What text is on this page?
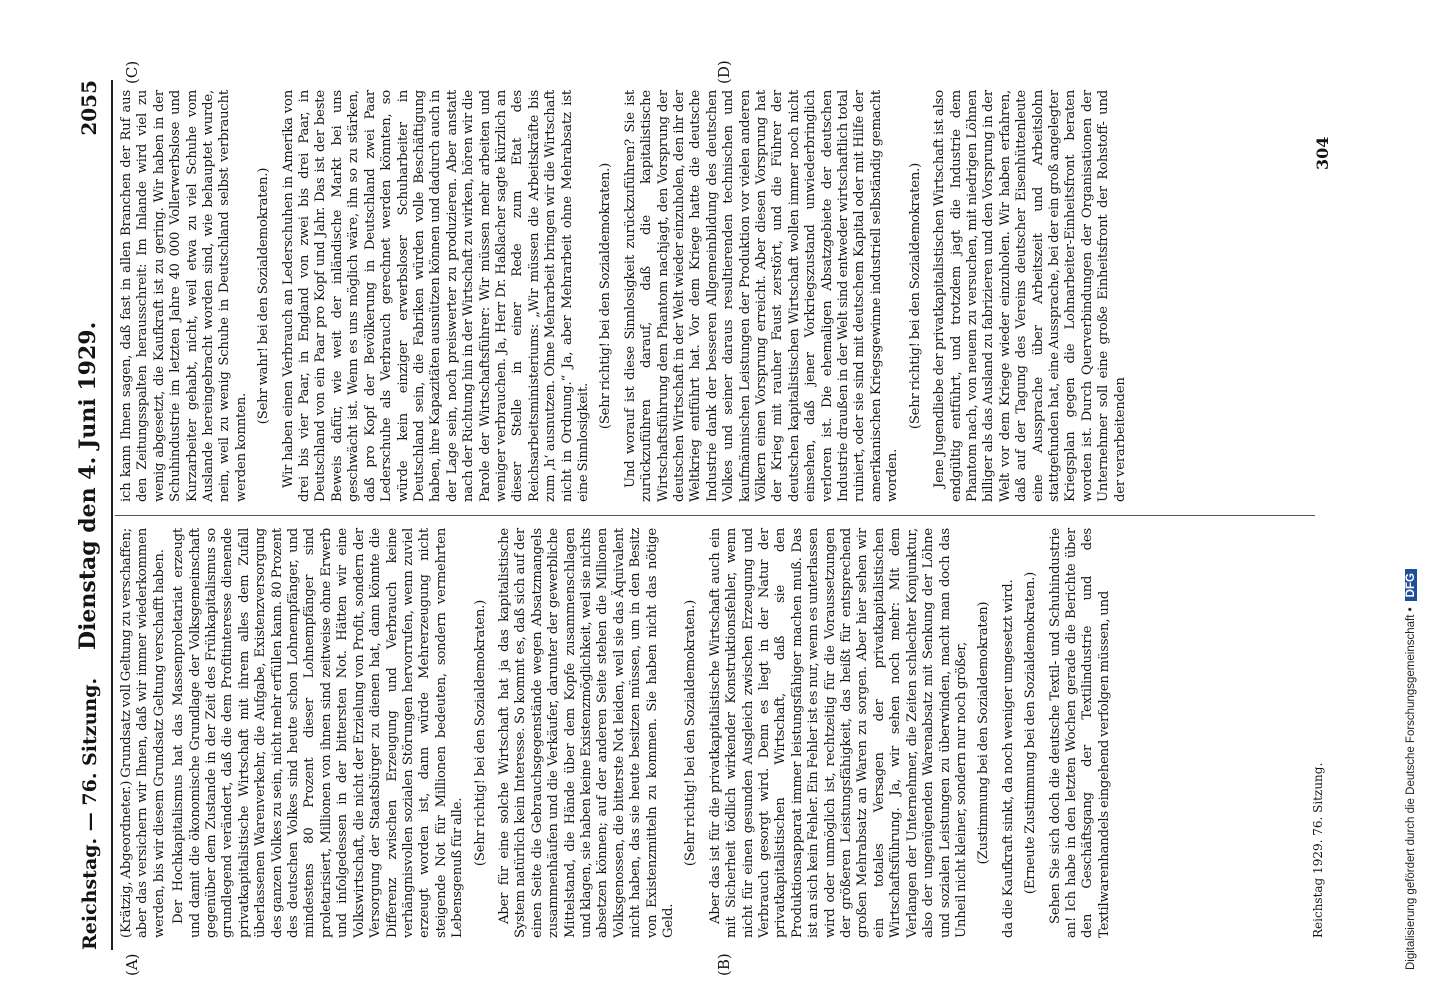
Reichstag. — 76. Sitzung.
Dienstag den 4. Juni 1929.
2055
(A)	(B)
(C)	(D)

(Krätzig, Abgeordneter.) Grundsatz voll Geltung zu verschaffen; aber das versichern wir Ihnen, daß wir immer wiederkommen werden, bis wir diesem Grundsatz Geltung verschafft haben. Der Hochkapitalismus hat das Massenproletariat erzeugt und damit die ökonomische Grundlage der Volksgemeinschaft gegenüber dem Zustande in der Zeit des Frühkapitalismus so grundlegend verändert, daß die dem Profitinteresse dienende privatkapitalistische Wirtschaft mit ihrem alles dem Zufall überlassenen Warenverkehr, die Aufgabe, Existenzversorgung des ganzen Volkes zu sein, nicht mehr erfüllen kann. 80 Prozent des deutschen Volkes sind heute schon Lohnempfänger, und mindestens 80 Prozent dieser Lohnempfänger sind proletarisiert, Millionen von ihnen sind zeitweise ohne Erwerb und infolgedessen in der bittersten Not. Hätten wir eine Volkswirtschaft, die nicht der Erzielung von Profit, sondern der Versorgung der Staatsbürger zu dienen hat, dann könnte die Differenz zwischen Erzeugung und Verbrauch keine verhängnisvollen sozialen Störungen hervorrufen, wenn zuviel erzeugt worden ist, dann würde Mehrerzeugung nicht steigende Not für Millionen bedeuten, sondern vermehrten Lebensgenuß für alle.

(Sehr richtig! bei den Sozialdemokraten.) Aber für eine solche Wirtschaft hat ja das kapitalistische System natürlich kein Interesse. So kommt es, daß sich auf der einen Seite die Gebrauchsgegenstände wegen Absatzmangels zusammenhäufen und die Verkäufer, darunter der gewerbliche Mittelstand, die Hände über dem Kopfe zusammenschlagen und klagen, sie haben keine Existenzmöglichkeit, weil sie nichts absetzen können; auf der anderen Seite stehen die Millionen Volksgenossen, die bitterste Not leiden, weil sie das Äquivalent nicht haben, das sie heute besitzen müssen, um in den Besitz von Existenzmitteln zu kommen. Sie haben nicht das nötige Geld.

(Sehr richtig! bei den Sozialdemokraten.) Aber das ist für die privatkapitalistische Wirtschaft auch ein mit Sicherheit tödlich wirkender Konstruktionsfehler, wenn nicht für einen gesunden Ausgleich zwischen Erzeugung und Verbrauch gesorgt wird. Denn es liegt in der Natur der privatkapitalistischen Wirtschaft, daß sie den Produktionsapparat immer leistungsfähiger machen muß. Das ist an sich kein Fehler. Ein Fehler ist es nur, wenn es unterlassen wird oder unmöglich ist, rechtzeitig für die Voraussetzungen der größeren Leistungsfähigkeit, das heißt für entsprechend großen Mehrabsatz an Waren zu sorgen. Aber hier sehen wir ein totales Versagen der privatkapitalistischen Wirtschaftsführung. Ja, wir sehen noch mehr: Mit dem Verlangen der Unternehmer, die Zeiten schlechter Konjunktur, also der ungenügenden Warenabsatz mit Senkung der Löhne und sozialen Leistungen zu überwinden, macht man doch das Unheil nicht kleiner, sondern nur noch größer, (Zustimmung bei den Sozialdemokraten) da die Kaufkraft sinkt, da noch weniger umgesetzt wird. (Erneute Zustimmung bei den Sozialdemokraten.) Sehen Sie sich doch die deutsche Textil- und Schuhindustrie an! Ich habe in den letzten Wochen gerade die Berichte über den Geschäftsgang der Textilindustrie und des Textilwarenhandels eingehend verfolgen müssen, und

ich kann Ihnen sagen, daß fast in allen Branchen der Ruf aus den Zeitungsspalten herausschreit: Im Inlande wird viel zu wenig abgesetzt, die Kaufkraft ist zu gering. Wir haben in der Schuhindustrie im letzten Jahre 40 000 Vollerwerbslose und Kurzarbeiter gehabt, nicht, weil etwa zu viel Schuhe vom Auslande hereingebracht worden sind, wie behauptet wurde, nein, weil zu wenig Schuhe in Deutschland selbst verbraucht werden konnten.

(Sehr wahr! bei den Sozialdemokraten.) Wir haben einen Verbrauch an Lederschuhen in Amerika von drei bis vier Paar, in England von zwei bis drei Paar, in Deutschland von ein Paar pro Kopf und Jahr. Das ist der beste Beweis dafür, wie weit der inländische Markt bei uns geschwächt ist. Wenn es uns möglich wäre, ihn so zu stärken, daß pro Kopf der Bevölkerung in Deutschland zwei Paar Lederschuhe als Verbrauch gerechnet werden könnten, so würde kein einziger erwerbsloser Schuharbeiter in Deutschland sein, die Fabriken würden volle Beschäftigung haben, ihre Kapazitäten ausnützen können und dadurch auch in der Lage sein, noch preiswerter zu produzieren. Aber anstatt nach der Richtung hin in der Wirtschaft zu wirken, hören wir die Parole der Wirtschaftsführer: Wir müssen mehr arbeiten und weniger verbrauchen. Ja, Herr Dr. Haßlacher sagte kürzlich an dieser Stelle in einer Rede zum Etat des Reichsarbeitsministeriums: „Wir müssen die Arbeitskräfte bis zum ‚h‘ ausnutzen. Ohne Mehrarbeit bringen wir die Wirtschaft nicht in Ordnung.“ Ja, aber Mehrarbeit ohne Mehrabsatz ist eine Sinnlosigkeit.

(Sehr richtig! bei den Sozialdemokraten.) Und worauf ist diese Sinnlosigkeit zurückzuführen? Sie ist zurückzuführen darauf, daß die kapitalistische Wirtschaftsführung dem Phantom nachjagt, den Vorsprung der deutschen Wirtschaft in der Welt wieder einzuholen, den ihr der Weltkrieg entführt hat. Vor dem Kriege hatte die deutsche Industrie dank der besseren Allgemeinbildung des deutschen Volkes und seiner daraus resultierenden technischen und kaufmännischen Leistungen der Produktion vor vielen anderen Völkern einen Vorsprung erreicht. Aber diesen Vorsprung hat der Krieg mit rauher Faust zerstört, und die Führer der deutschen kapitalistischen Wirtschaft wollen immer noch nicht einsehen, daß jener Vorkriegszustand unwiederbringlich verloren ist. Die ehemaligen Absatzgebiete der deutschen Industrie draußen in der Welt sind entweder wirtschaftlich total ruiniert, oder sie sind mit deutschem Kapital oder mit Hilfe der amerikanischen Kriegsgewinne industriell selbständig gemacht worden.

(Sehr richtig! bei den Sozialdemokraten.) Jene Jugendliebe der privatkapitalistischen Wirtschaft ist also endgültig entführt, und trotzdem jagt die Industrie dem Phantom nach, von neuem zu versuchen, mit niedrigen Löhnen billiger als das Ausland zu fabrizieren und den Vorsprung in der Welt vor dem Kriege wieder einzuholen. Wir haben erfahren, daß auf der Tagung des Vereins deutscher Eisenhüttenleute eine Aussprache über Arbeitszeit und Arbeitslohn stattgefunden hat, eine Aussprache, bei der ein groß angelegter Kriegsplan gegen die Lohnarbeiter-Einheitsfront beraten worden ist. Durch Querverbindungen der Organisationen der Unternehmer soll eine große Einheitsfront der Rohstoff- und der verarbeitenden

Reichstag 1929. 76. Sitzung.
304
Digitalisierung gefördert durch die Deutsche Forschungsgemeinschaft •DFG
